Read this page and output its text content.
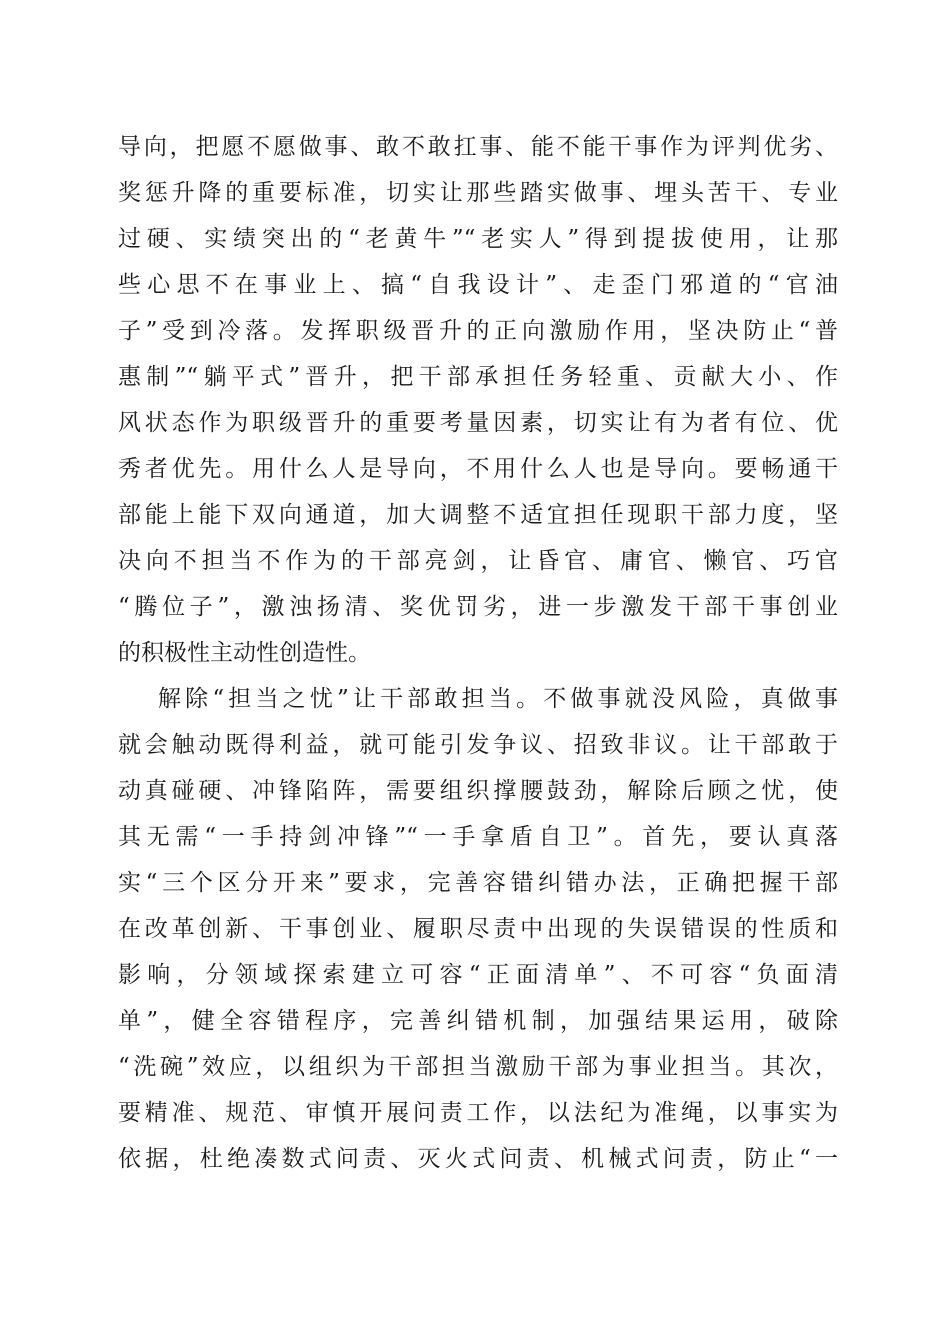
导向，把愿不愿做事、敢不敢扛事、能不能干事作为评判优劣、
奖惩升降的重要标准，切实让那些踏实做事、埋头苦干、专业
过硬、实绩突出的“老黄牛”“老实人”得到提拔使用，让那
些心思不在事业上、搞“自我设计”、走歪门邪道的“官油
子”受到冷落。发挥职级晋升的正向激励作用，坚决防止“普
惠制”“躺平式”晋升，把干部承担任务轻重、贡献大小、作
风状态作为职级晋升的重要考量因素，切实让有为者有位、优
秀者优先。用什么人是导向，不用什么人也是导向。要畅通干
部能上能下双向通道，加大调整不适宜担任现职干部力度，坚
决向不担当不作为的干部亮剑，让昏官、庸官、懒官、巧官
“腾位子”，激浊扬清、奖优罚劣，进一步激发干部干事创业
的积极性主动性创造性。
解除“担当之忧”让干部敢担当。不做事就没风险，真做事
就会触动既得利益，就可能引发争议、招致非议。让干部敢于
动真碰硬、冲锋陷阵，需要组织撑腰鼓劲，解除后顾之忧，使
其无需“一手持剑冲锋”“一手拿盾自卫”。首先，要认真落
实“三个区分开来”要求，完善容错纠错办法，正确把握干部
在改革创新、干事创业、履职尽责中出现的失误错误的性质和
影响，分领域探索建立可容“正面清单”、不可容“负面清
单”，健全容错程序，完善纠错机制，加强结果运用，破除
“洗碗”效应，以组织为干部担当激励干部为事业担当。其次，
要精准、规范、审慎开展问责工作，以法纪为准绳，以事实为
依据，杜绝凑数式问责、灭火式问责、机械式问责，防止“一
